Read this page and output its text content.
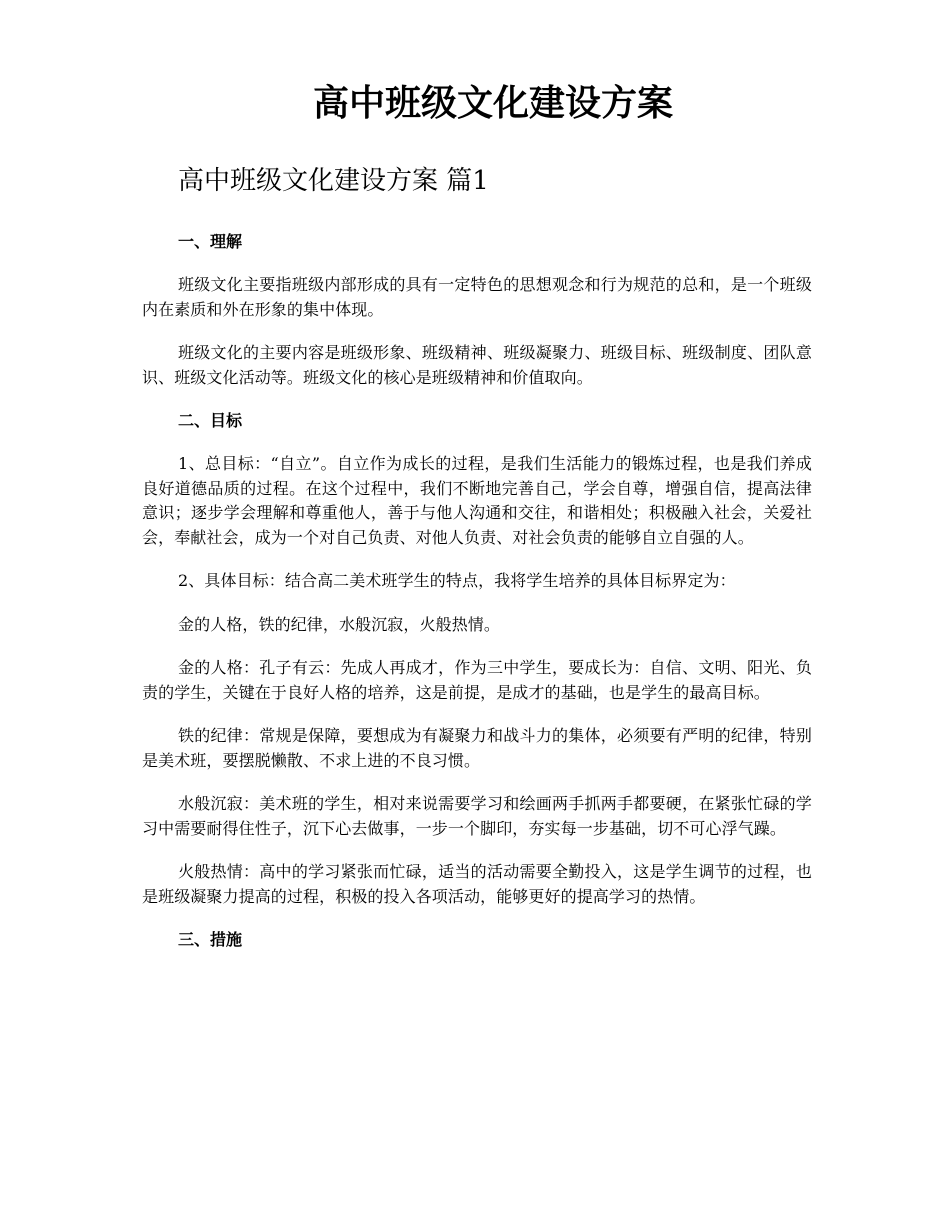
高中班级文化建设方案
高中班级文化建设方案 篇1

一、理解

班级文化主要指班级内部形成的具有一定特色的思想观念和行为规范的总和，是一个班级内在素质和外在形象的集中体现。

班级文化的主要内容是班级形象、班级精神、班级凝聚力、班级目标、班级制度、团队意识、班级文化活动等。班级文化的核心是班级精神和价值取向。

二、目标

1、总目标：“自立”。自立作为成长的过程，是我们生活能力的锻炼过程，也是我们养成良好道德品质的过程。在这个过程中，我们不断地完善自己，学会自尊，增强自信，提高法律意识；逐步学会理解和尊重他人，善于与他人沟通和交往，和谐相处；积极融入社会，关爱社会，奉献社会，成为一个对自己负责、对他人负责、对社会负责的能够自立自强的人。

2、具体目标：结合高二美术班学生的特点，我将学生培养的具体目标界定为：

金的人格，铁的纪律，水般沉寂，火般热情。

金的人格：孔子有云：先成人再成才，作为三中学生，要成长为：自信、文明、阳光、负责的学生，关键在于良好人格的培养，这是前提，是成才的基础，也是学生的最高目标。

铁的纪律：常规是保障，要想成为有凝聚力和战斗力的集体，必须要有严明的纪律，特别是美术班，要摆脱懒散、不求上进的不良习惯。

水般沉寂：美术班的学生，相对来说需要学习和绘画两手抓两手都要硬，在紧张忙碌的学习中需要耐得住性子，沉下心去做事，一步一个脚印，夯实每一步基础，切不可心浮气躁。

火般热情：高中的学习紧张而忙碌，适当的活动需要全勤投入，这是学生调节的过程，也是班级凝聚力提高的过程，积极的投入各项活动，能够更好的提高学习的热情。

三、措施
